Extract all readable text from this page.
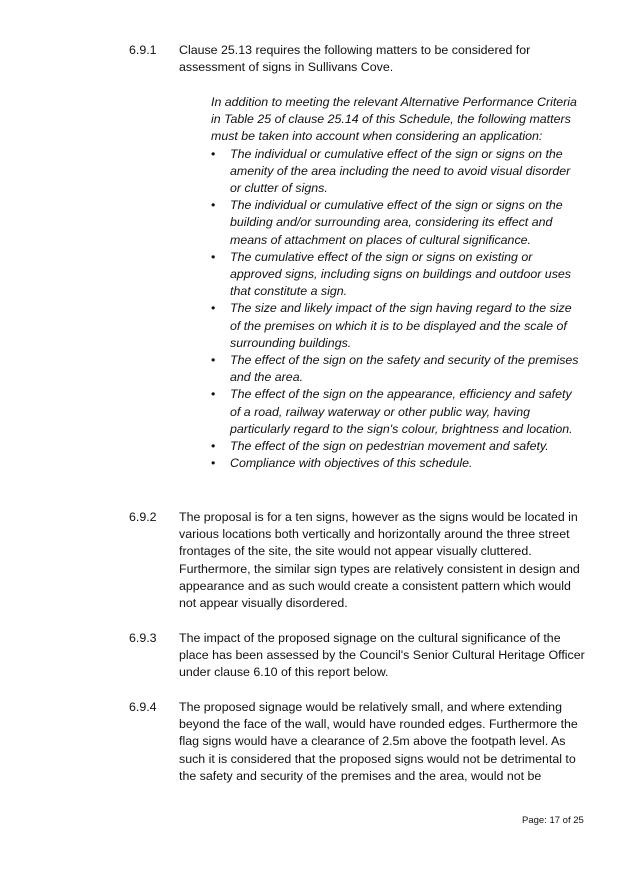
6.9.1	Clause 25.13 requires the following matters to be considered for assessment of signs in Sullivans Cove.
In addition to meeting the relevant Alternative Performance Criteria in Table 25 of clause 25.14 of this Schedule, the following matters must be taken into account when considering an application:
• The individual or cumulative effect of the sign or signs on the amenity of the area including the need to avoid visual disorder or clutter of signs.
• The individual or cumulative effect of the sign or signs on the building and/or surrounding area, considering its effect and means of attachment on places of cultural significance.
• The cumulative effect of the sign or signs on existing or approved signs, including signs on buildings and outdoor uses that constitute a sign.
• The size and likely impact of the sign having regard to the size of the premises on which it is to be displayed and the scale of surrounding buildings.
• The effect of the sign on the safety and security of the premises and the area.
• The effect of the sign on the appearance, efficiency and safety of a road, railway waterway or other public way, having particularly regard to the sign's colour, brightness and location.
• The effect of the sign on pedestrian movement and safety.
• Compliance with objectives of this schedule.
6.9.2	The proposal is for a ten signs, however as the signs would be located in various locations both vertically and horizontally around the three street frontages of the site, the site would not appear visually cluttered. Furthermore, the similar sign types are relatively consistent in design and appearance and as such would create a consistent pattern which would not appear visually disordered.
6.9.3	The impact of the proposed signage on the cultural significance of the place has been assessed by the Council's Senior Cultural Heritage Officer under clause 6.10 of this report below.
6.9.4	The proposed signage would be relatively small, and where extending beyond the face of the wall, would have rounded edges. Furthermore the flag signs would have a clearance of 2.5m above the footpath level. As such it is considered that the proposed signs would not be detrimental to the safety and security of the premises and the area, would not be
Page: 17 of 25
